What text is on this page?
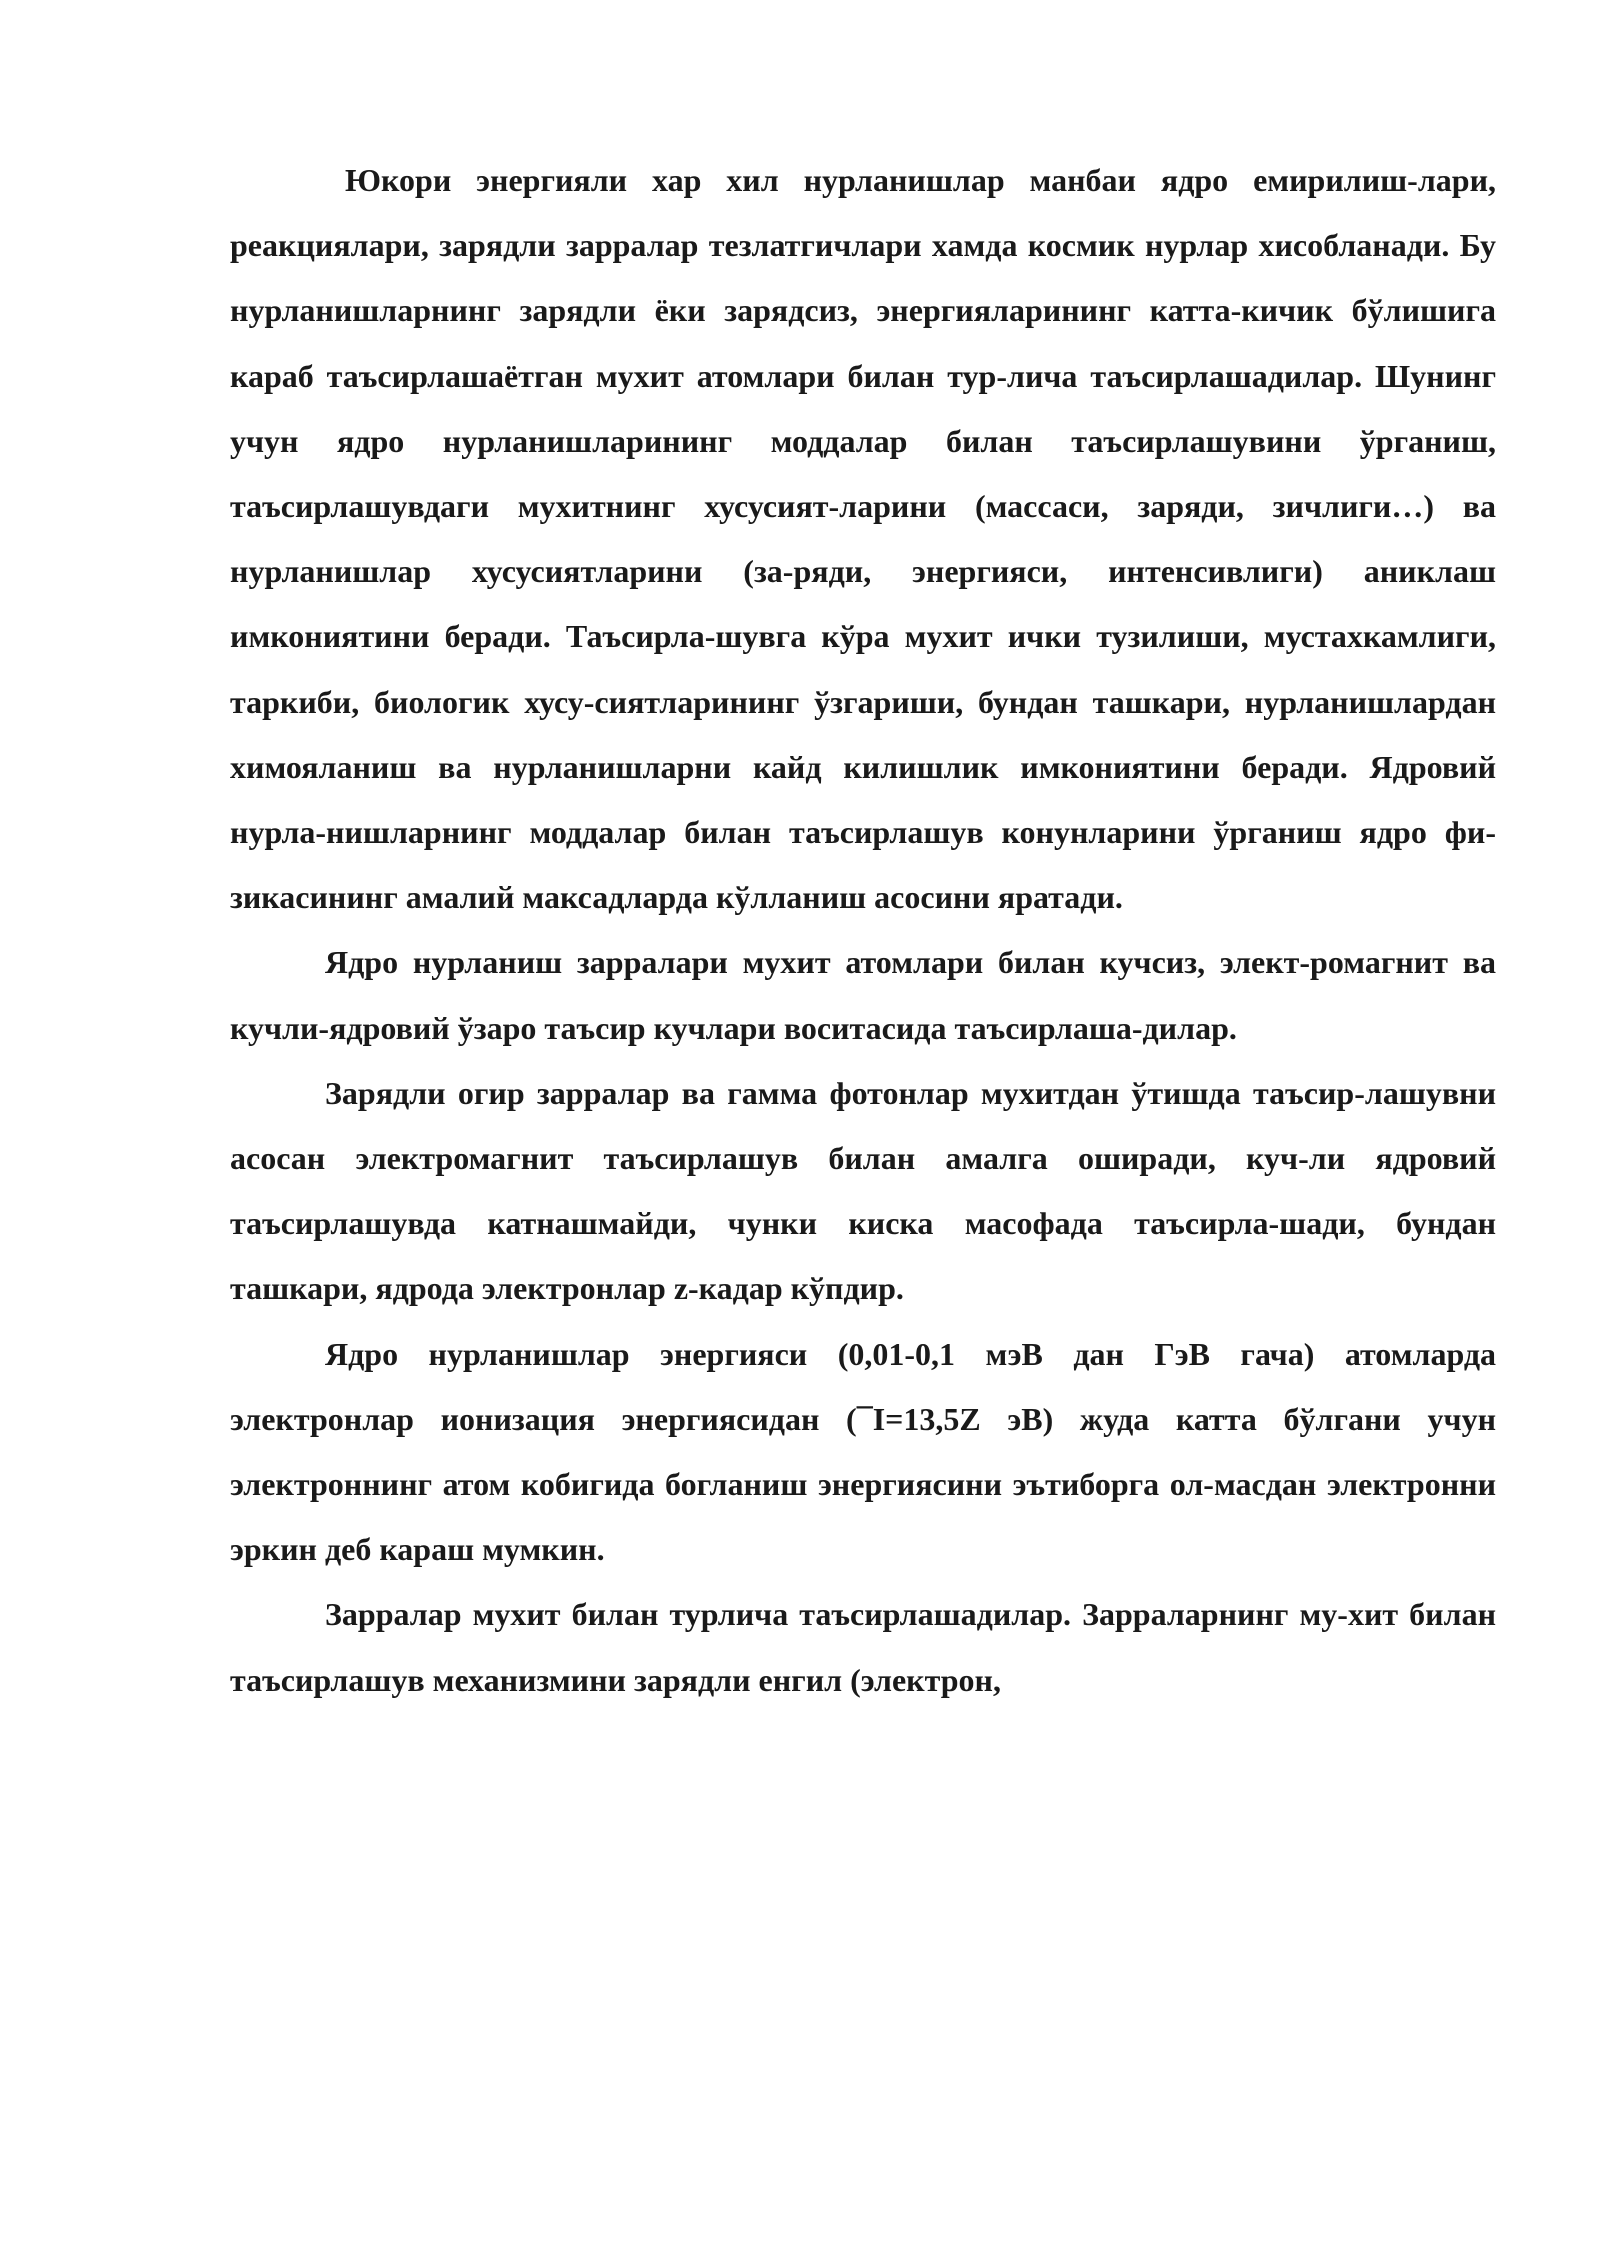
Юкори энергияли хар хил нурланишлар манбаи ядро емирилиш-лари, реакциялари, зарядли зарралар тезлатгичлари хамда космик нурлар хисобланади. Бу нурланишларнинг зарядли ёки зарядсиз, энергияларининг катта-кичик бўлишига караб таъсирлашаётган мухит атомлари билан тур-лича таъсирлашадилар. Шунинг учун ядро нурланишларининг моддалар билан таъсирлашувини ўрганиш, таъсирлашувдаги мухитнинг хусусият-ларини (массаси, заряди, зичлиги…) ва нурланишлар хусусиятларини (за-ряди, энергияси, интенсивлиги) аниклаш имкониятини беради. Таъсирла-шувга кўра мухит ички тузилиши, мустахкамлиги, таркиби, биологик хусу-сиятларининг ўзгариши, бундан ташкари, нурланишлардан химояланиш ва нурланишларни кайд килишлик имкониятини беради. Ядровий нурла-нишларнинг моддалар билан таъсирлашув конунларини ўрганиш ядро фи-зикасининг амалий максадларда кўлланиш асосини яратади.

Ядро нурланиш зарралари мухит атомлари билан кучсиз, элект-ромагнит ва кучли-ядровий ўзаро таъсир кучлари воситасида таъсирлаша-дилар.

Зарядли огир зарралар ва гамма фотонлар мухитдан ўтишда таъсир-лашувни асосан электромагнит таъсирлашув билан амалга оширади, куч-ли ядровий таъсирлашувда катнашмайди, чунки киска масофада таъсирла-шади, бундан ташкари, ядрода электронлар z-кадар кўпдир.

Ядро нурланишлар энергияси (0,01-0,1 мэВ дан ГэВ гача) атомларда электронлар ионизация энергиясидан (¯I=13,5Z эВ) жуда катта бўлгани учун электроннинг атом кобигида богланиш энергиясини эътиборга ол-масдан электронни эркин деб караш мумкин.

Зарралар мухит билан турлича таъсирлашадилар. Зарраларнинг му-хит билан таъсирлашув механизмини зарядли енгил (электрон,
